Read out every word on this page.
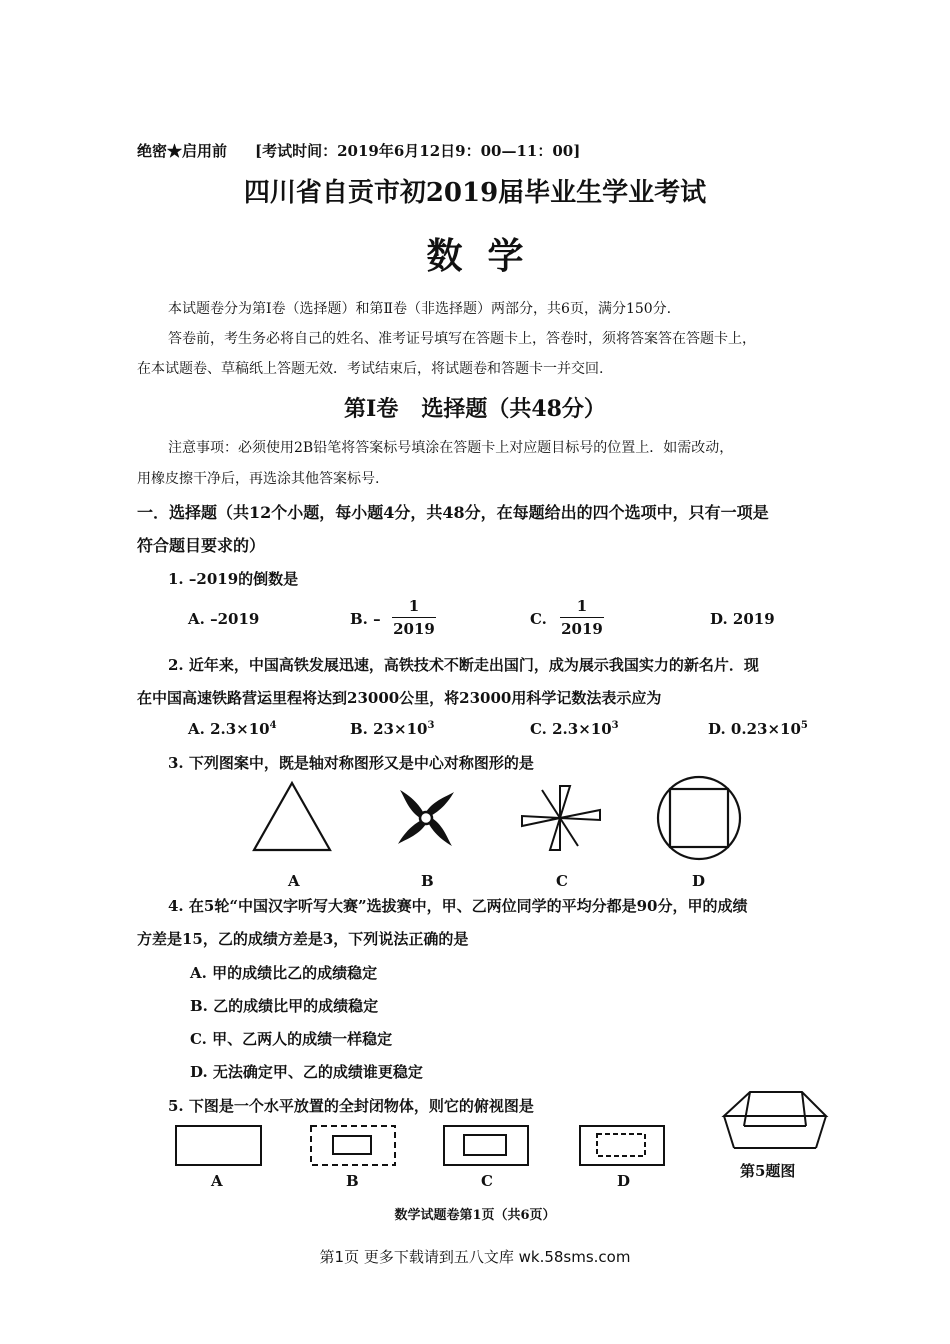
绝密★启用前 [考试时间：2019年6月12日9：00—11：00]
四川省自贡市初2019届毕业生学业考试
数  学
本试题卷分为第Ⅰ卷（选择题）和第Ⅱ卷（非选择题）两部分，共6页，满分150分.
答卷前，考生务必将自己的姓名、准考证号填写在答题卡上，答卷时，须将答案答在答题卡上，
在本试题卷、草稿纸上答题无效．考试结束后，将试题卷和答题卡一并交回.
第Ⅰ卷   选择题（共48分）
注意事项：必须使用2B铅笔将答案标号填涂在答题卡上对应题目标号的位置上．如需改动，
用橡皮擦干净后，再选涂其他答案标号.
一．选择题（共12个小题，每小题4分，共48分，在每题给出的四个选项中，只有一项是
符合题目要求的）
1. –2019的倒数是
A. –2019	B. –
1
2019
C.
1
2019
D. 2019
2. 近年来，中国高铁发展迅速，高铁技术不断走出国门，成为展示我国实力的新名片．现
在中国高速铁路营运里程将达到23000公里，将23000用科学记数法表示应为
A. $2.3\times 10^4$	B. $23\times 10^3$	C. $2.3\times 10^3$	D. $0.23\times 10^5$
3. 下列图案中，既是轴对称图形又是中心对称图形的是
A	B	C	D
4. 在5轮“中国汉字听写大赛”选拔赛中，甲、乙两位同学的平均分都是90分，甲的成绩
方差是15，乙的成绩方差是3，下列说法正确的是
A. 甲的成绩比乙的成绩稳定
B. 乙的成绩比甲的成绩稳定
C. 甲、乙两人的成绩一样稳定
D. 无法确定甲、乙的成绩谁更稳定
5. 下图是一个水平放置的全封闭物体，则它的俯视图是
A	B	C	D
第5题图
数学试题卷第1页（共6页）
第1页 更多下载请到五八文库 wk.58sms.com
